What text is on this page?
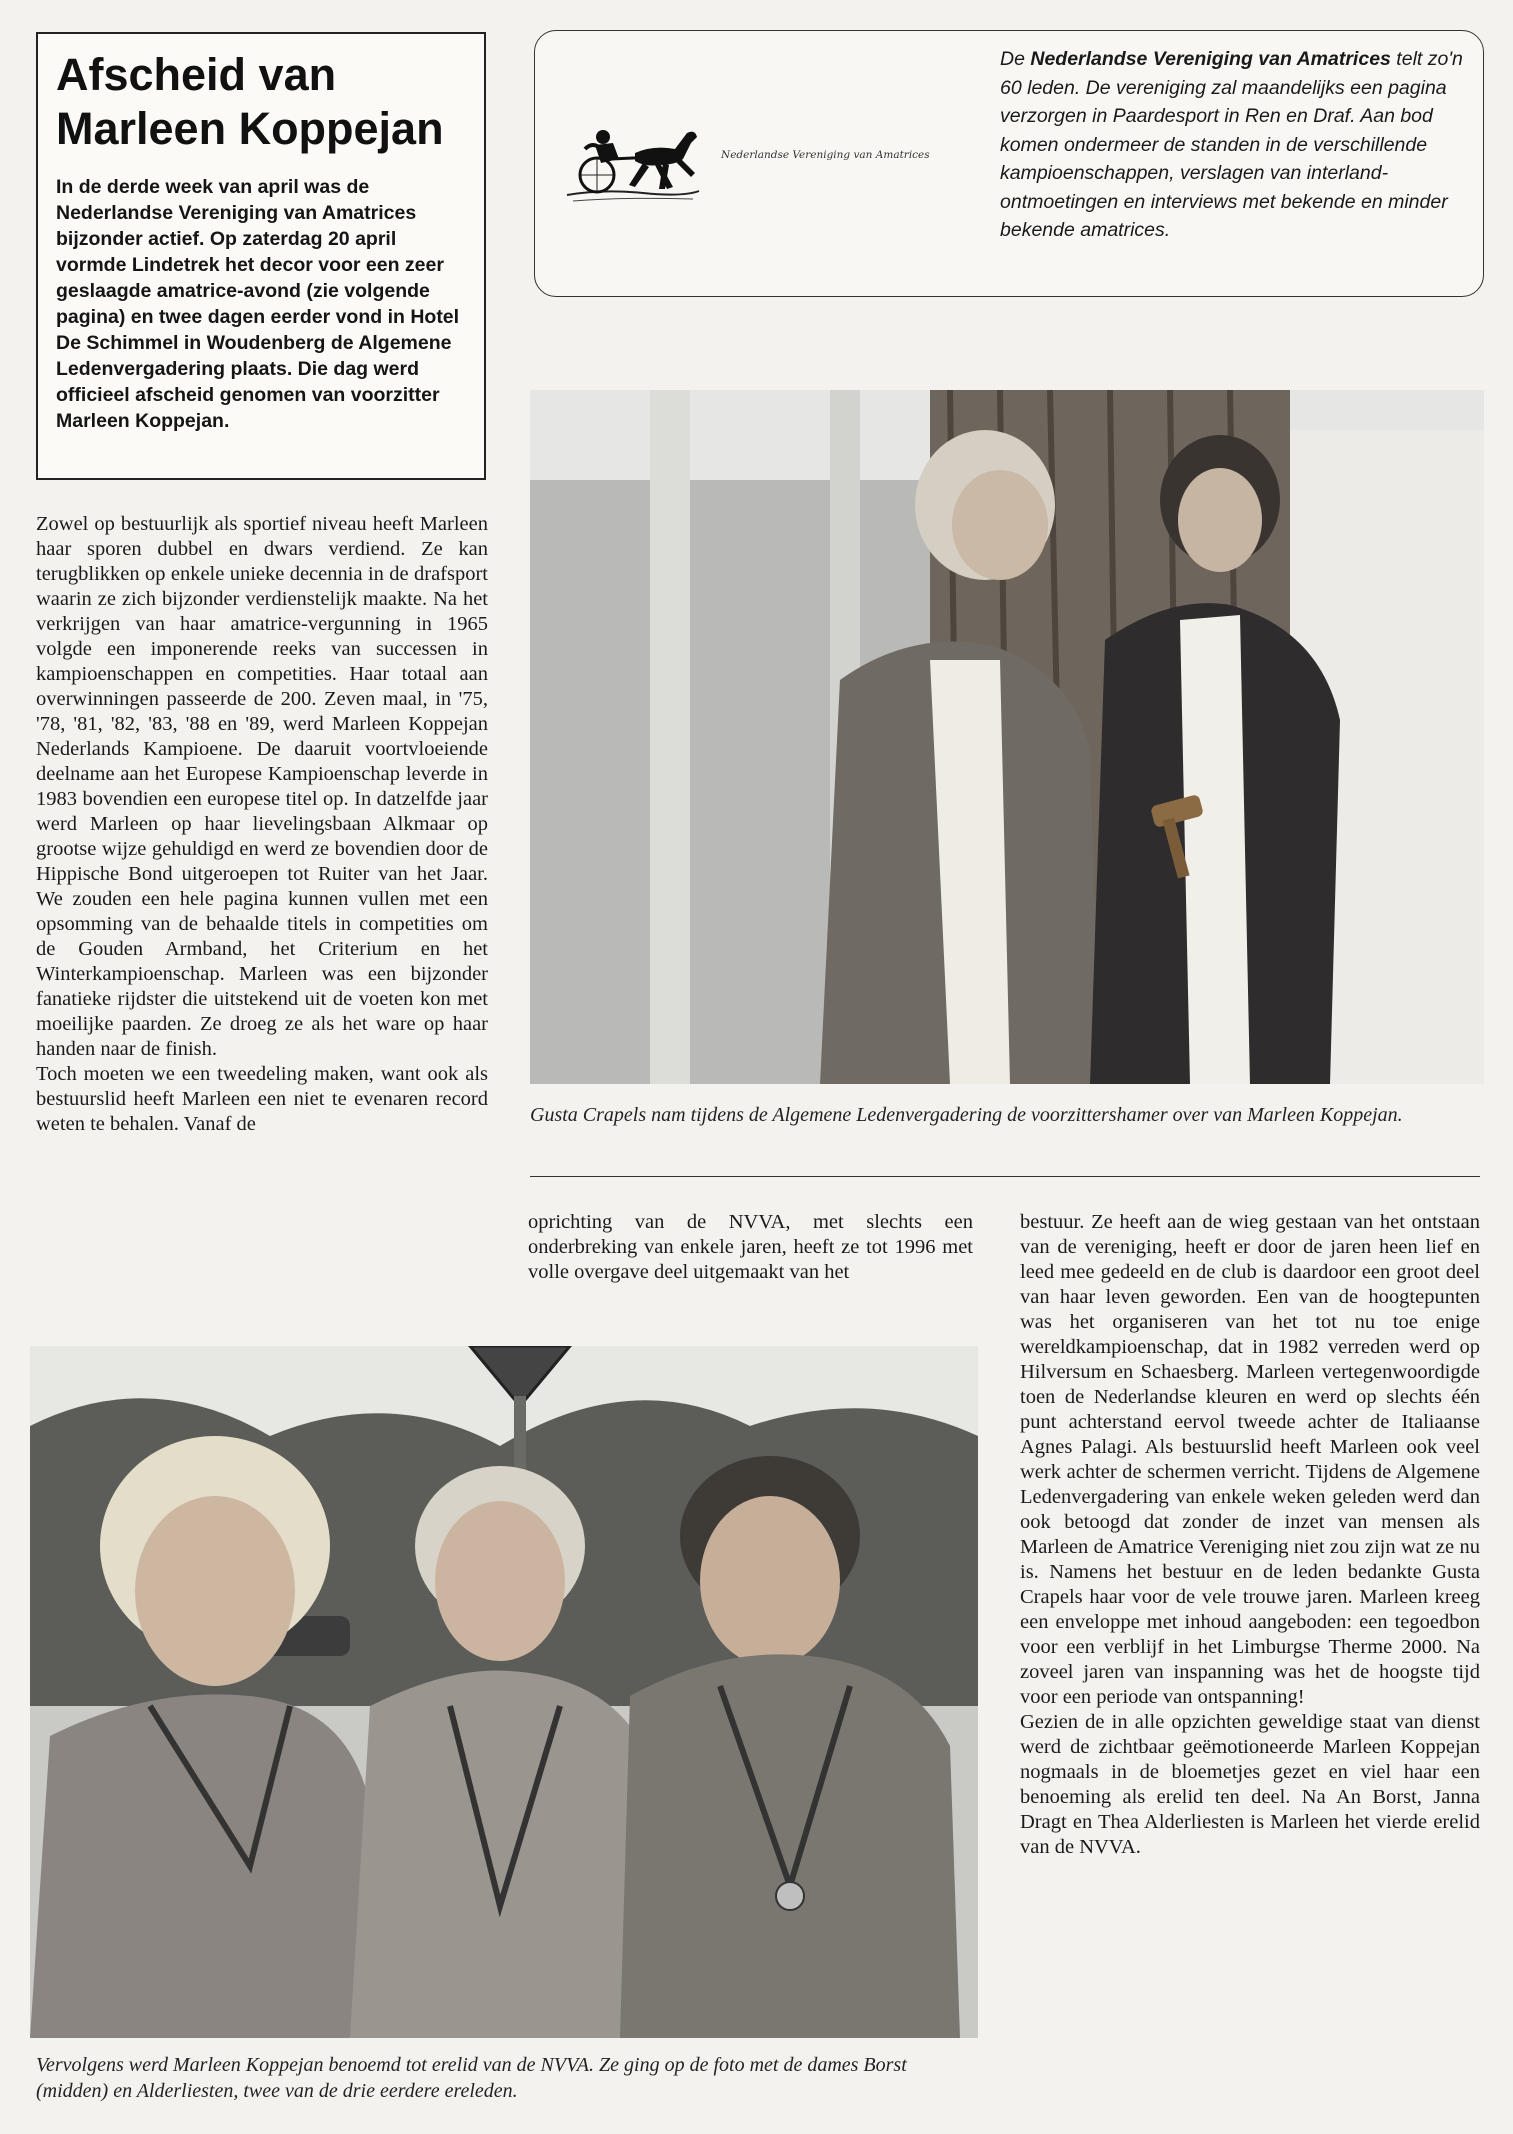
Afscheid van
Marleen Koppejan

In de derde week van april was de Nederlandse Vereniging van Amatrices bijzonder actief. Op zaterdag 20 april vormde Lindetrek het decor voor een zeer geslaagde amatrice-avond (zie volgende pagina) en twee dagen eerder vond in Hotel De Schimmel in Woudenberg de Algemene Ledenvergadering plaats. Die dag werd officieel afscheid genomen van voorzitter Marleen Koppejan.

Nederlandse Vereniging van Amatrices
De Nederlandse Vereniging van Amatrices telt zo'n 60 leden. De vereniging zal maandelijks een pagina verzorgen in Paardesport in Ren en Draf. Aan bod komen ondermeer de standen in de verschillende kampioenschappen, verslagen van interland-ontmoetingen en interviews met bekende en minder bekende amatrices.

Zowel op bestuurlijk als sportief niveau heeft Marleen haar sporen dubbel en dwars verdiend. Ze kan terugblikken op enkele unieke decennia in de drafsport waarin ze zich bijzonder verdienstelijk maakte. Na het verkrijgen van haar amatrice-vergunning in 1965 volgde een imponerende reeks van successen in kampioenschappen en competities. Haar totaal aan overwinningen passeerde de 200. Zeven maal, in '75, '78, '81, '82, '83, '88 en '89, werd Marleen Koppejan Nederlands Kampioene. De daaruit voortvloeiende deelname aan het Europese Kampioenschap leverde in 1983 bovendien een europese titel op. In datzelfde jaar werd Marleen op haar lievelingsbaan Alkmaar op grootse wijze gehuldigd en werd ze bovendien door de Hippische Bond uitgeroepen tot Ruiter van het Jaar. We zouden een hele pagina kunnen vullen met een opsomming van de behaalde titels in competities om de Gouden Armband, het Criterium en het Winterkampioenschap. Marleen was een bijzonder fanatieke rijdster die uitstekend uit de voeten kon met moeilijke paarden. Ze droeg ze als het ware op haar handen naar de finish.

Toch moeten we een tweedeling maken, want ook als bestuurslid heeft Marleen een niet te evenaren record weten te behalen. Vanaf de	Gusta Crapels nam tijdens de Algemene Ledenvergadering de voorzittershamer over van Marleen Koppejan.

oprichting van de NVVA, met slechts een onderbreking van enkele jaren, heeft ze tot 1996 met volle overgave deel uitgemaakt van het

bestuur. Ze heeft aan de wieg gestaan van het ontstaan van de vereniging, heeft er door de jaren heen lief en leed mee gedeeld en de club is daardoor een groot deel van haar leven geworden. Een van de hoogtepunten was het organiseren van het tot nu toe enige wereldkampioenschap, dat in 1982 verreden werd op Hilversum en Schaesberg. Marleen vertegenwoordigde toen de Nederlandse kleuren en werd op slechts één punt achterstand eervol tweede achter de Italiaanse Agnes Palagi. Als bestuurslid heeft Marleen ook veel werk achter de schermen verricht. Tijdens de Algemene Ledenvergadering van enkele weken geleden werd dan ook betoogd dat zonder de inzet van mensen als Marleen de Amatrice Vereniging niet zou zijn wat ze nu is. Namens het bestuur en de leden bedankte Gusta Crapels haar voor de vele trouwe jaren. Marleen kreeg een enveloppe met inhoud aangeboden: een tegoedbon voor een verblijf in het Limburgse Therme 2000. Na zoveel jaren van inspanning was het de hoogste tijd voor een periode van ontspanning!

Gezien de in alle opzichten geweldige staat van dienst werd de zichtbaar geëmotioneerde Marleen Koppejan nogmaals in de bloemetjes gezet en viel haar een benoeming als erelid ten deel. Na An Borst, Janna Dragt en Thea Alderliesten is Marleen het vierde erelid van de NVVA.

Vervolgens werd Marleen Koppejan benoemd tot erelid van de NVVA. Ze ging op de foto met de dames Borst (midden) en Alderliesten, twee van de drie eerdere ereleden.
